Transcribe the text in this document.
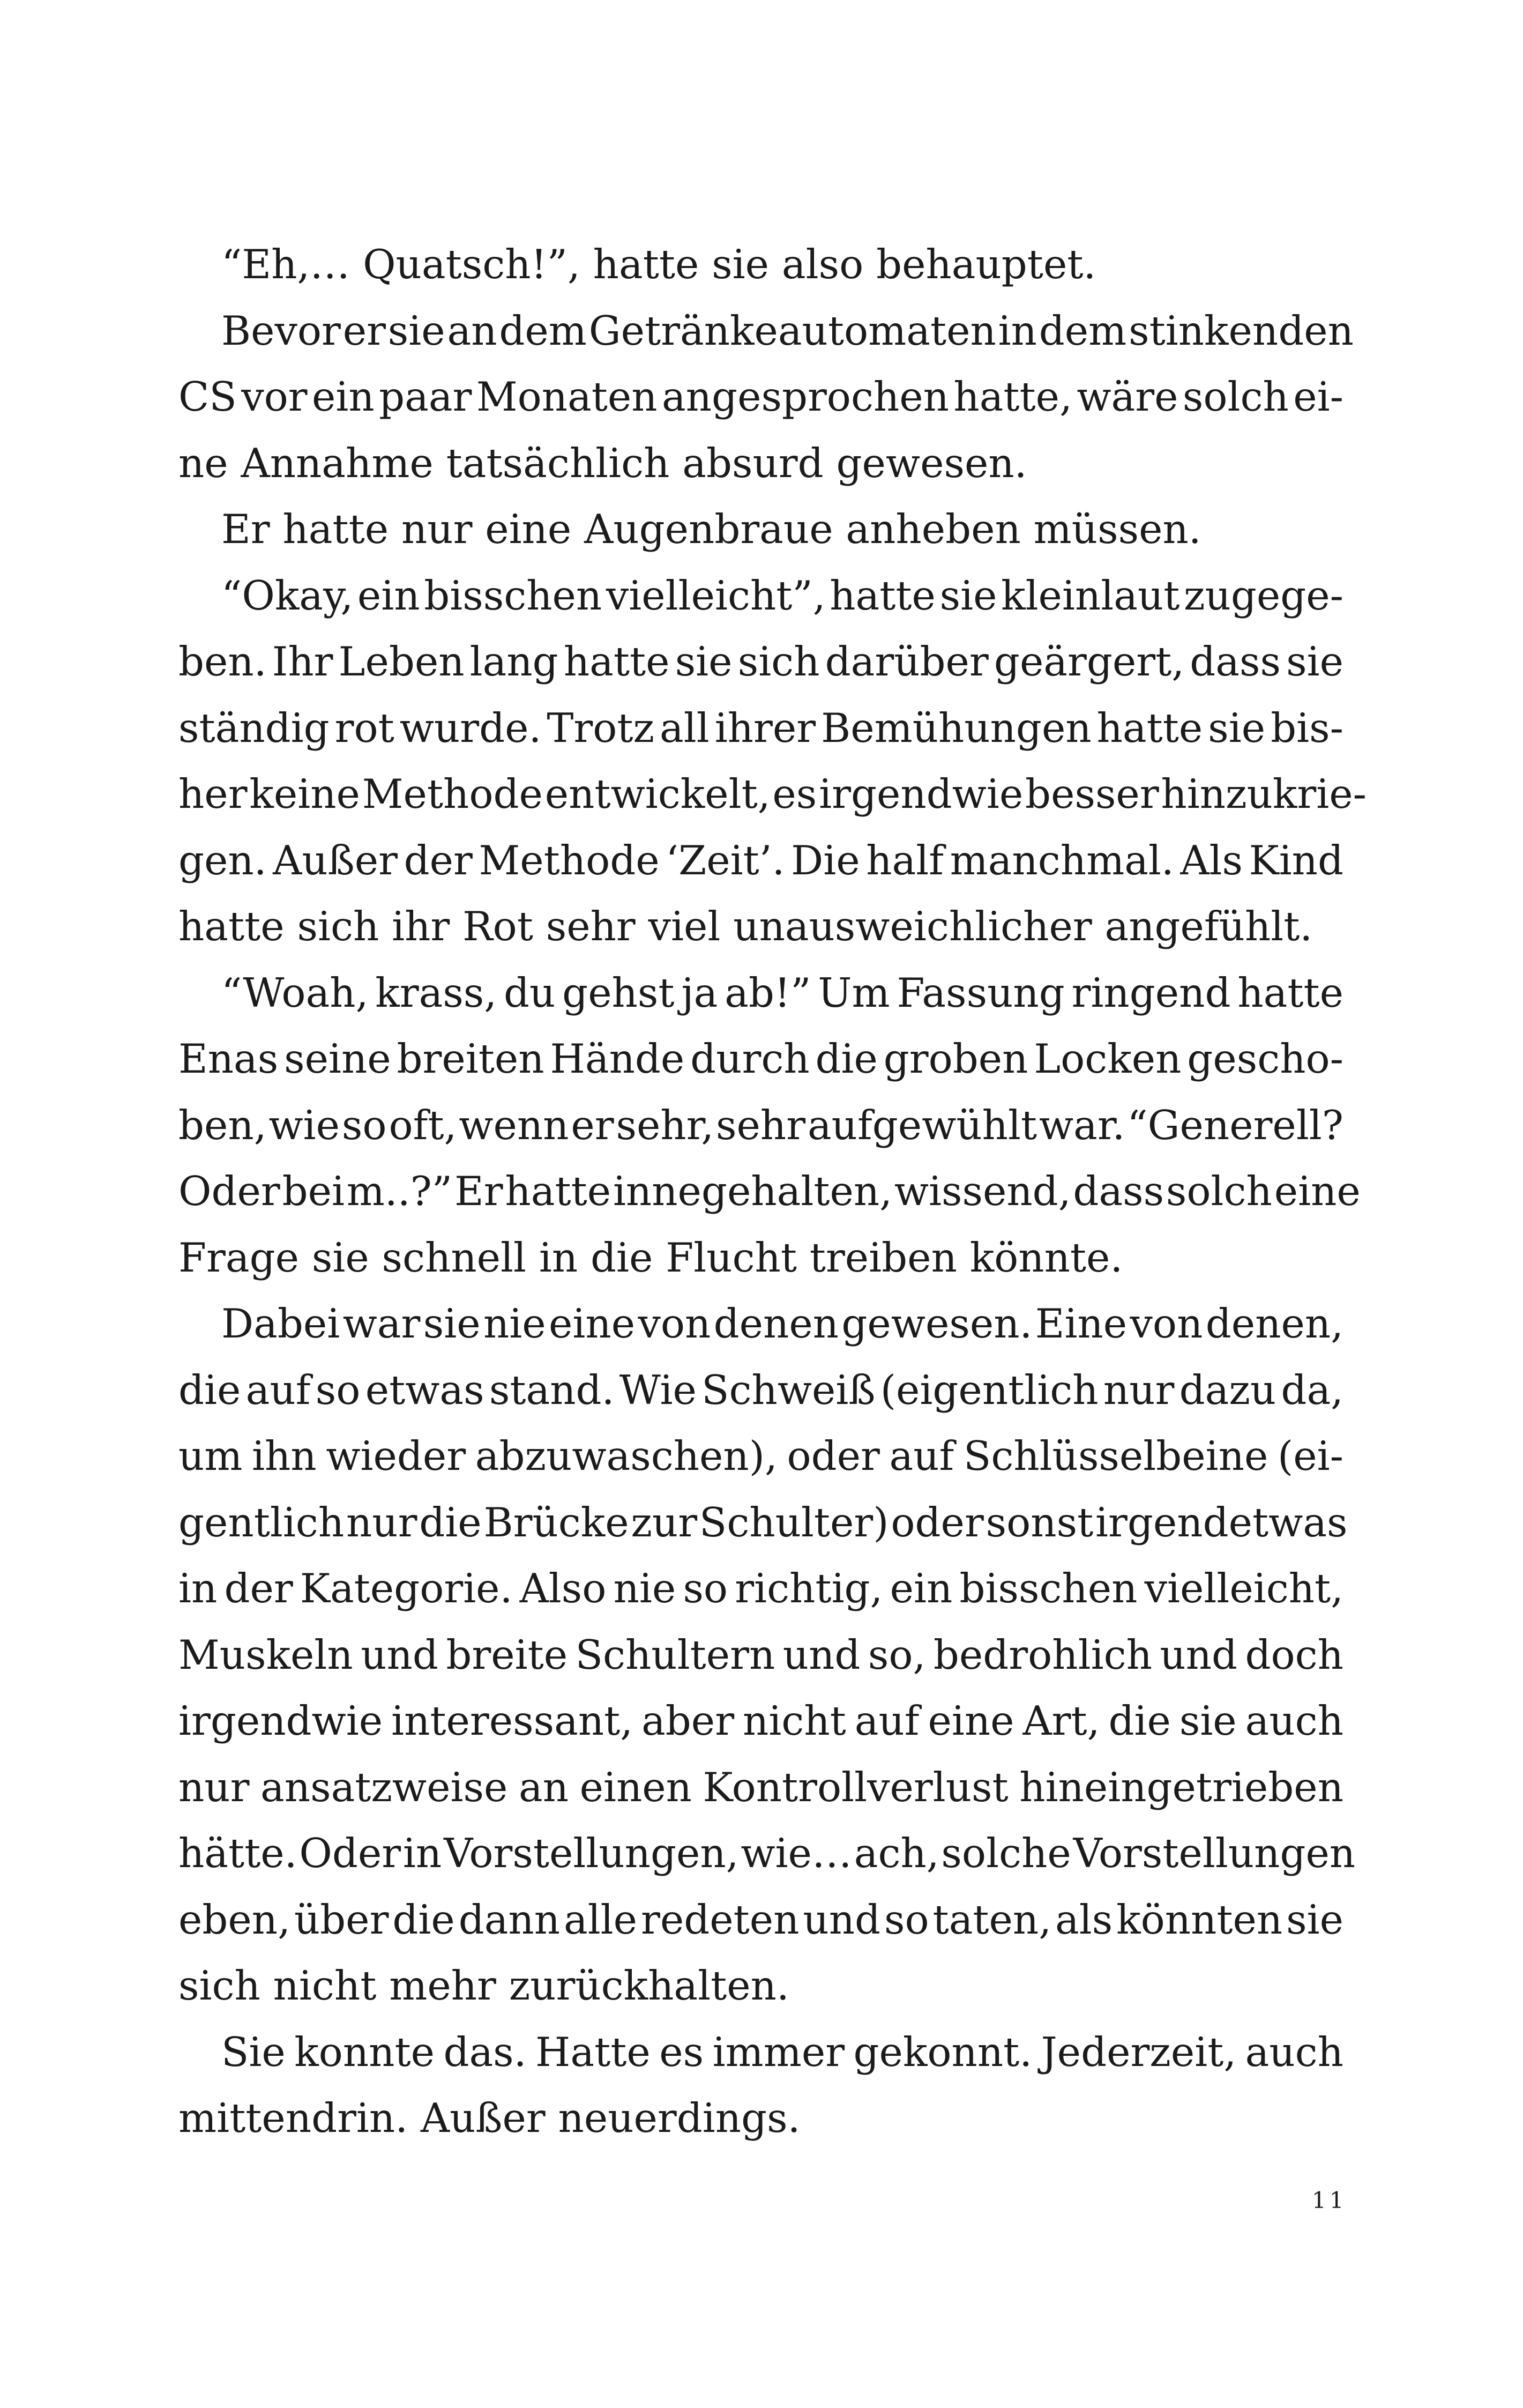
“Eh,… Quatsch!”, hatte sie also behauptet.

Bevor er sie an dem Getränkeautomaten in dem stinkenden
CS vor ein paar Monaten angesprochen hatte, wäre solch ei-
ne Annahme tatsächlich absurd gewesen.

Er hatte nur eine Augenbraue anheben müssen.

“Okay, ein bisschen vielleicht”, hatte sie kleinlaut zugege-
ben. Ihr Leben lang hatte sie sich darüber geärgert, dass sie
ständig rot wurde. Trotz all ihrer Bemühungen hatte sie bis-
her keine Methode entwickelt, es irgendwie besser hinzukrie-
gen. Außer der Methode ‘Zeit’. Die half manchmal. Als Kind
hatte sich ihr Rot sehr viel unausweichlicher angefühlt.

“Woah, krass, du gehst ja ab!” Um Fassung ringend hatte
Enas seine breiten Hände durch die groben Locken gescho-
ben, wie so oft, wenn er sehr, sehr aufgewühlt war. “Generell?
Oder bei m..?” Er hatte innegehalten, wissend, dass solch eine
Frage sie schnell in die Flucht treiben könnte.

Dabei war sie nie eine von denen gewesen. Eine von denen,
die auf so etwas stand. Wie Schweiß (eigentlich nur dazu da,
um ihn wieder abzuwaschen), oder auf Schlüsselbeine (ei-
gentlich nur die Brücke zur Schulter) oder sonst irgendetwas
in der Kategorie. Also nie so richtig, ein bisschen vielleicht,
Muskeln und breite Schultern und so, bedrohlich und doch
irgendwie interessant, aber nicht auf eine Art, die sie auch
nur ansatzweise an einen Kontrollverlust hineingetrieben
hätte. Oder in Vorstellungen, wie… ach, solche Vorstellungen
eben, über die dann alle redeten und so taten, als könnten sie
sich nicht mehr zurückhalten.

Sie konnte das. Hatte es immer gekonnt. Jederzeit, auch
mittendrin. Außer neuerdings.

11
